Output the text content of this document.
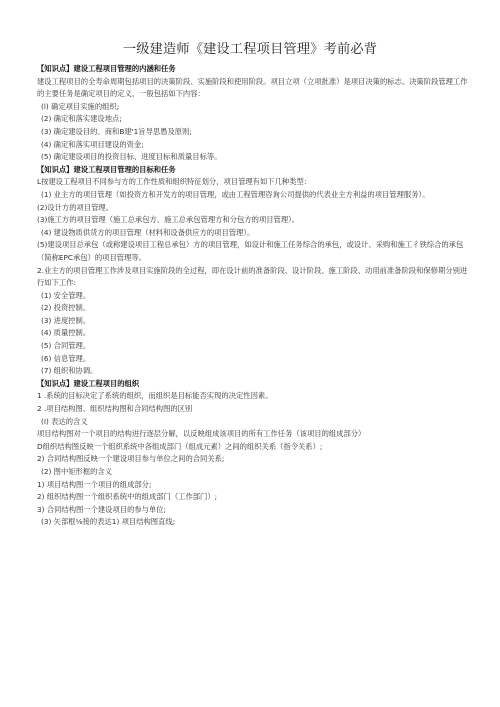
一级建造师《建设工程项目管理》考前必背
【知识点】建设工程项目管理的内涵和任务
建设工程项目的全寿命周期包括项目的决策阶段、实施阶段和使用阶段。项目立项（立项批准）是项目决策的标志。决策阶段管理工作的主要任务是确定项目的定义，一般包括如下内容：
(l) 确定项目实施的组织;
(2) 确定和落实建设地点;
(3) 确定建设目的、商和B建'1旨导思愚及原则;
(4) 确定和落实项目建设的资金;
(5) 确定建设项目的投资目标、进度目标和质量目标等。
【知识点】建设工程项目管理的目标和任务
L按建设工程项目不同参与方的工作性质和组织特征划分，项目管理有如下几种类型：
(1) 业主方的项目管理（如投资方和开发方的项目管理，或由工程管理咨询公司提供的代表业主方利益的项目管理服务）。
(2)设计方的项目管理。
(3)施工方的项目管理（施工总承包方、施工总承包管理方和分包方的项目管理）。
(4) 建设物质供货方的项目管理（材料和设备供应方的项目管理）。
(5)建设项目总承包（或称建设项目工程总承包）方的项目管理，如设计和施工任务综合的承包，或设计、采购和施工彳铁综合的承包（简称EPC承包）的项目管理等。
2.业主方的项目管理工作涉及项目实施阶段的全过程，即在设计前的准备阶段、设计阶段、施工阶段、动用前准备阶段和保修期分别进行如下工作:
(1) 安全管理。
(2) 投资控制。
(3) 进度控制。
(4) 质量控制。
(5) 合同管理。
(6) 信息管理。
(7) 组织和协调。
【知识点】建设工程项目的组织
1 .系统的目标决定了系统的组织，而组织是目标能否实现的决定性因素。
2 .项目结构图、组织结构图和合同结构图的区别
(I) 表达的含义
项目结构图对一个项目的结构进行逐层分解，以反映组成该项目的所有工作任务（该项目的组成部分）
D组织结构图反映一个组织系统中各组成部门（组成元素）之间的组织关系（指令关系）;
2) 合同结构图反映一个建设项目参与单位之间的合同关系;
(2) 图中矩形框的含义
1) 项目结构图一个项目的组成部分;
2) 组织结构图一个组织系统中的组成部门（工作部门）;
3) 合同结构图一个建设项目的参与单位;
(3) 矢部框⅛接的表达1) 项目结构图直线;
